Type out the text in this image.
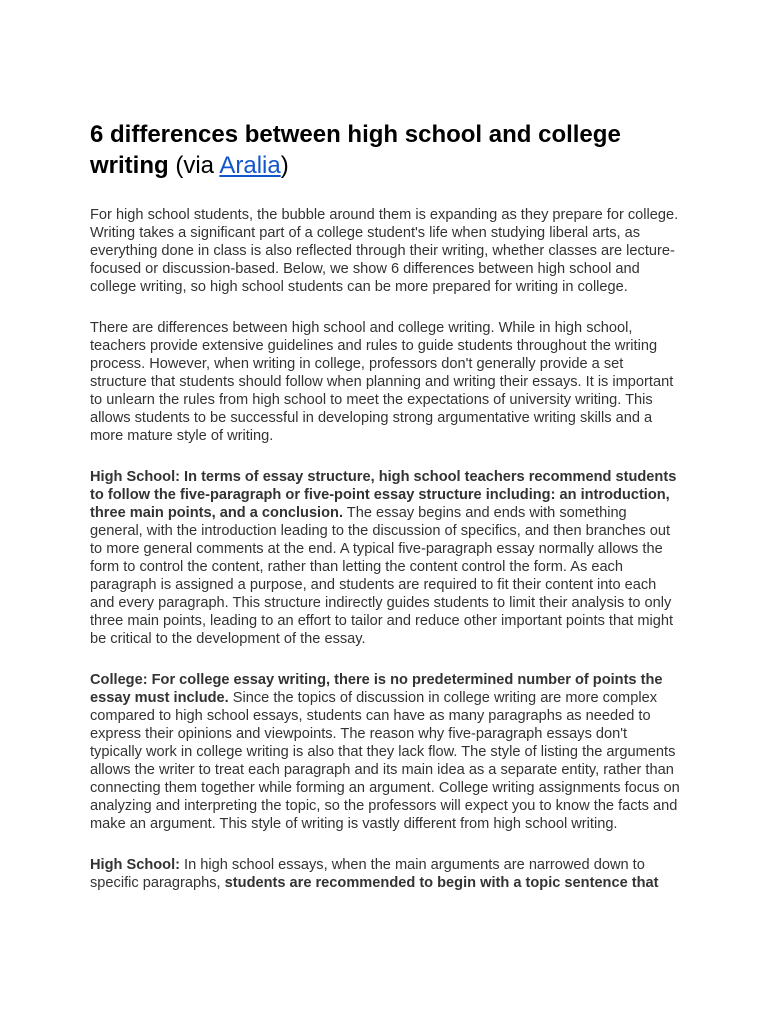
6 differences between high school and college writing (via Aralia)

For high school students, the bubble around them is expanding as they prepare for college. Writing takes a significant part of a college student's life when studying liberal arts, as everything done in class is also reflected through their writing, whether classes are lecture-focused or discussion-based. Below, we show 6 differences between high school and college writing, so high school students can be more prepared for writing in college.

There are differences between high school and college writing. While in high school, teachers provide extensive guidelines and rules to guide students throughout the writing process. However, when writing in college, professors don't generally provide a set structure that students should follow when planning and writing their essays. It is important to unlearn the rules from high school to meet the expectations of university writing. This allows students to be successful in developing strong argumentative writing skills and a more mature style of writing.

High School: In terms of essay structure, high school teachers recommend students to follow the five-paragraph or five-point essay structure including: an introduction, three main points, and a conclusion. The essay begins and ends with something general, with the introduction leading to the discussion of specifics, and then branches out to more general comments at the end. A typical five-paragraph essay normally allows the form to control the content, rather than letting the content control the form. As each paragraph is assigned a purpose, and students are required to fit their content into each and every paragraph. This structure indirectly guides students to limit their analysis to only three main points, leading to an effort to tailor and reduce other important points that might be critical to the development of the essay.

College: For college essay writing, there is no predetermined number of points the essay must include. Since the topics of discussion in college writing are more complex compared to high school essays, students can have as many paragraphs as needed to express their opinions and viewpoints. The reason why five-paragraph essays don't typically work in college writing is also that they lack flow. The style of listing the arguments allows the writer to treat each paragraph and its main idea as a separate entity, rather than connecting them together while forming an argument. College writing assignments focus on analyzing and interpreting the topic, so the professors will expect you to know the facts and make an argument. This style of writing is vastly different from high school writing.

High School: In high school essays, when the main arguments are narrowed down to specific paragraphs, students are recommended to begin with a topic sentence that
